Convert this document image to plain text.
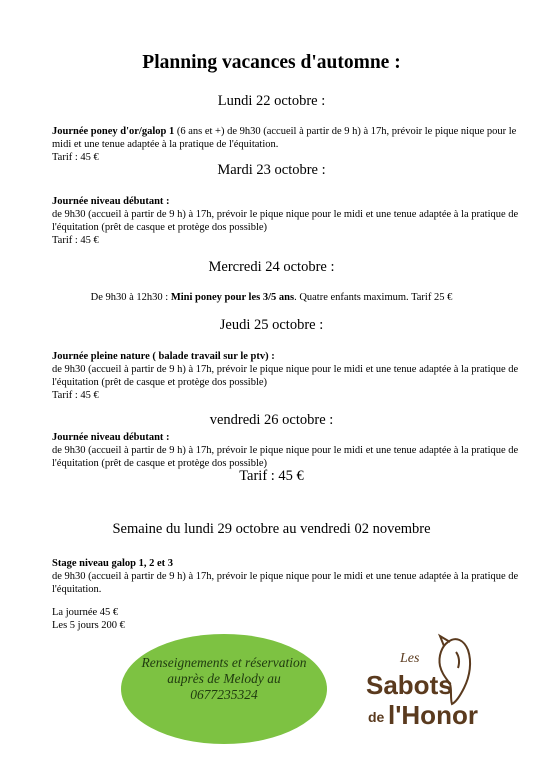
Planning vacances d'automne :
Lundi 22 octobre :
Journée poney d'or/galop 1 (6 ans et +) de 9h30 (accueil à partir de 9 h) à 17h, prévoir le pique nique pour le midi et une tenue adaptée à la pratique de l'équitation.
Tarif : 45 €
Mardi 23 octobre :
Journée niveau débutant :
de 9h30 (accueil à partir de 9 h) à 17h, prévoir le pique nique pour le midi et une tenue adaptée à la pratique de l'équitation (prêt de casque et protège dos possible)
Tarif : 45 €
Mercredi 24 octobre :
De 9h30 à 12h30 : Mini poney pour les 3/5 ans. Quatre enfants maximum. Tarif 25 €
Jeudi 25 octobre :
Journée pleine nature ( balade travail sur le ptv) :
de 9h30 (accueil à partir de 9 h) à 17h, prévoir le pique nique pour le midi et une tenue adaptée à la pratique de l'équitation (prêt de casque et protège dos possible)
Tarif : 45 €
vendredi 26 octobre :
Journée niveau débutant :
de 9h30 (accueil à partir de 9 h) à 17h, prévoir le pique nique pour le midi et une tenue adaptée à la pratique de l'équitation (prêt de casque et protège dos possible)
Tarif : 45 €
Semaine du lundi 29 octobre au vendredi 02 novembre
Stage niveau galop 1, 2 et 3
de 9h30 (accueil à partir de 9 h) à 17h, prévoir le pique nique pour le midi et une tenue adaptée à la pratique de l'équitation.
La journée 45 €
Les 5 jours 200 €
Renseignements et réservation
auprès de Melody au
0677235324
Les
Sabots
de l'Honor
